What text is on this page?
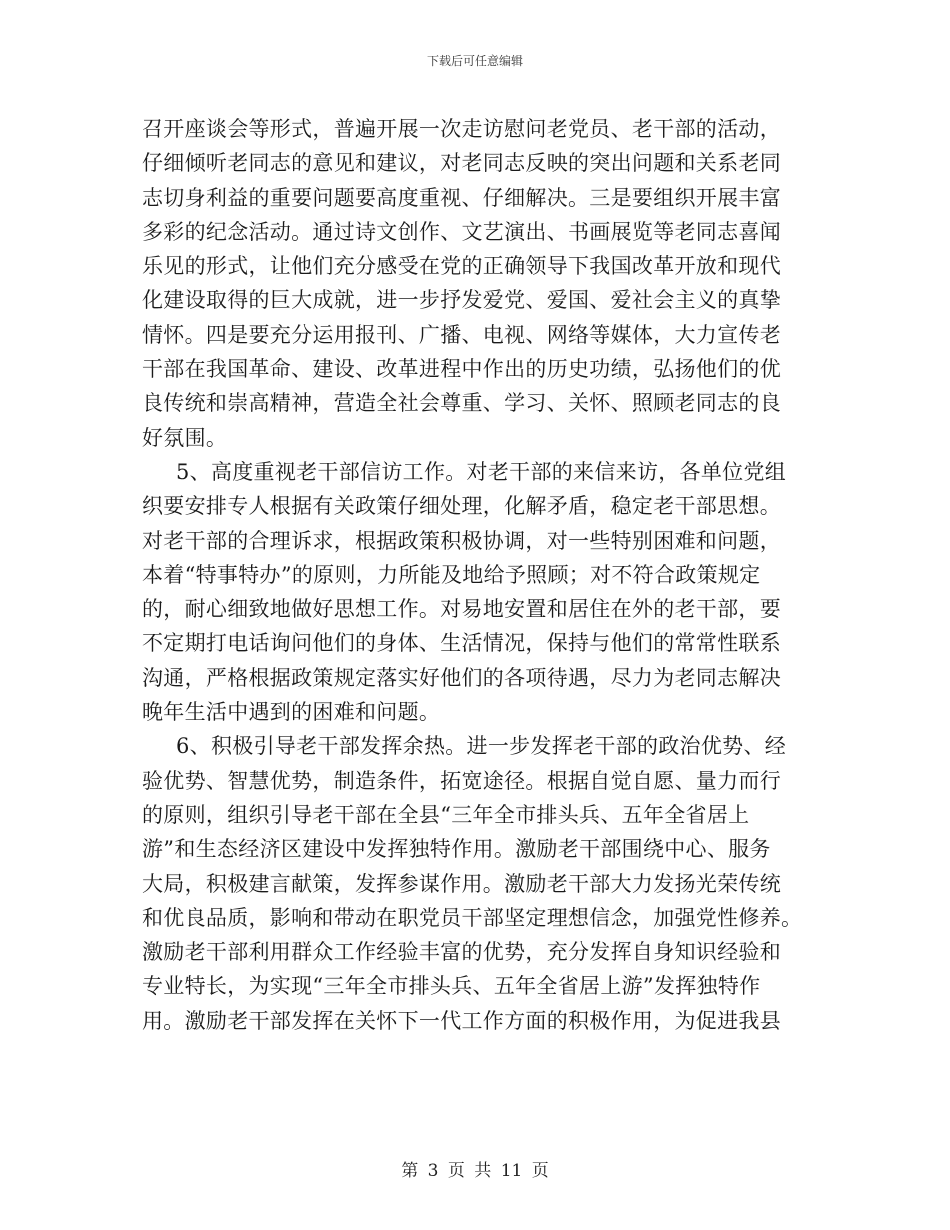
下载后可任意编辑
召开座谈会等形式，普遍开展一次走访慰问老党员、老干部的活动，
仔细倾听老同志的意见和建议，对老同志反映的突出问题和关系老同
志切身利益的重要问题要高度重视、仔细解决。三是要组织开展丰富
多彩的纪念活动。通过诗文创作、文艺演出、书画展览等老同志喜闻
乐见的形式，让他们充分感受在党的正确领导下我国改革开放和现代
化建设取得的巨大成就，进一步抒发爱党、爱国、爱社会主义的真挚
情怀。四是要充分运用报刊、广播、电视、网络等媒体，大力宣传老
干部在我国革命、建设、改革进程中作出的历史功绩，弘扬他们的优
良传统和崇高精神，营造全社会尊重、学习、关怀、照顾老同志的良
好氛围。
5、高度重视老干部信访工作。对老干部的来信来访，各单位党组
织要安排专人根据有关政策仔细处理，化解矛盾，稳定老干部思想。
对老干部的合理诉求，根据政策积极协调，对一些特别困难和问题，
本着“特事特办”的原则，力所能及地给予照顾；对不符合政策规定
的，耐心细致地做好思想工作。对易地安置和居住在外的老干部，要
不定期打电话询问他们的身体、生活情况，保持与他们的常常性联系
沟通，严格根据政策规定落实好他们的各项待遇，尽力为老同志解决
晚年生活中遇到的困难和问题。
6、积极引导老干部发挥余热。进一步发挥老干部的政治优势、经
验优势、智慧优势，制造条件，拓宽途径。根据自觉自愿、量力而行
的原则，组织引导老干部在全县“三年全市排头兵、五年全省居上
游”和生态经济区建设中发挥独特作用。激励老干部围绕中心、服务
大局，积极建言献策，发挥参谋作用。激励老干部大力发扬光荣传统
和优良品质，影响和带动在职党员干部坚定理想信念，加强党性修养。
激励老干部利用群众工作经验丰富的优势，充分发挥自身知识经验和
专业特长，为实现“三年全市排头兵、五年全省居上游”发挥独特作
用。激励老干部发挥在关怀下一代工作方面的积极作用，为促进我县
第 3 页 共 11 页
